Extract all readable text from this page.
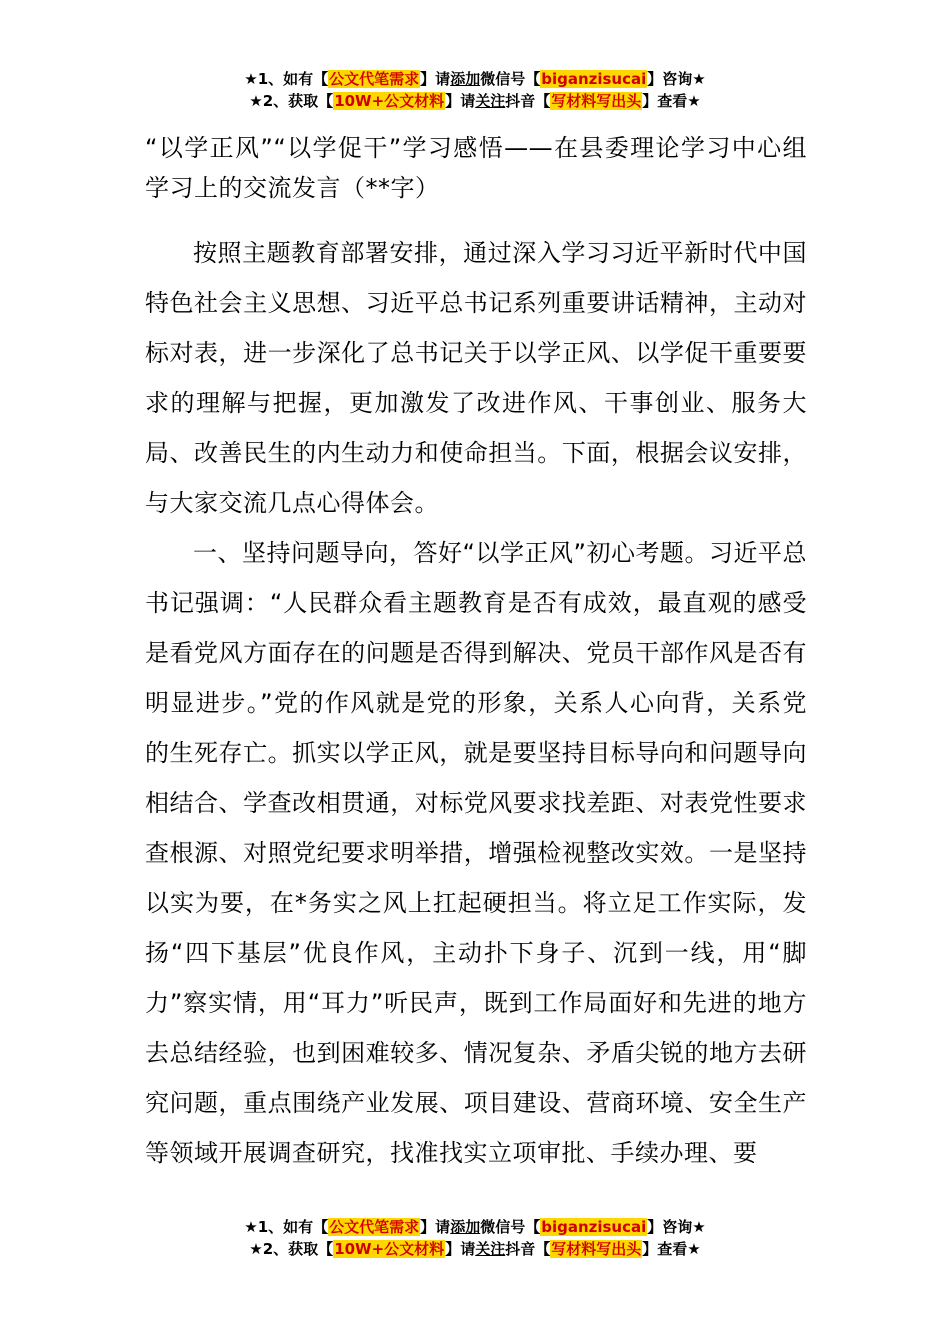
★1、如有【公文代笔需求】请添加微信号【biganzisucai】咨询★
★2、获取【10W+公文材料】请关注抖音【写材料写出头】查看★
“以学正风”“以学促干”学习感悟——在县委理论学习中心组学习上的交流发言（**字）

按照主题教育部署安排，通过深入学习习近平新时代中国特色社会主义思想、习近平总书记系列重要讲话精神，主动对标对表，进一步深化了总书记关于以学正风、以学促干重要要求的理解与把握，更加激发了改进作风、干事创业、服务大局、改善民生的内生动力和使命担当。下面，根据会议安排，与大家交流几点心得体会。

一、坚持问题导向，答好“以学正风”初心考题。习近平总书记强调：“人民群众看主题教育是否有成效，最直观的感受是看党风方面存在的问题是否得到解决、党员干部作风是否有明显进步。”党的作风就是党的形象，关系人心向背，关系党的生死存亡。抓实以学正风，就是要坚持目标导向和问题导向相结合、学查改相贯通，对标党风要求找差距、对表党性要求查根源、对照党纪要求明举措，增强检视整改实效。一是坚持以实为要，在*务实之风上扛起硬担当。将立足工作实际，发扬“四下基层”优良作风，主动扑下身子、沉到一线，用“脚力”察实情，用“耳力”听民声，既到工作局面好和先进的地方去总结经验，也到困难较多、情况复杂、矛盾尖锐的地方去研究问题，重点围绕产业发展、项目建设、营商环境、安全生产等领域开展调查研究，找准找实立项审批、手续办理、要

★1、如有【公文代笔需求】请添加微信号【biganzisucai】咨询★
★2、获取【10W+公文材料】请关注抖音【写材料写出头】查看★
